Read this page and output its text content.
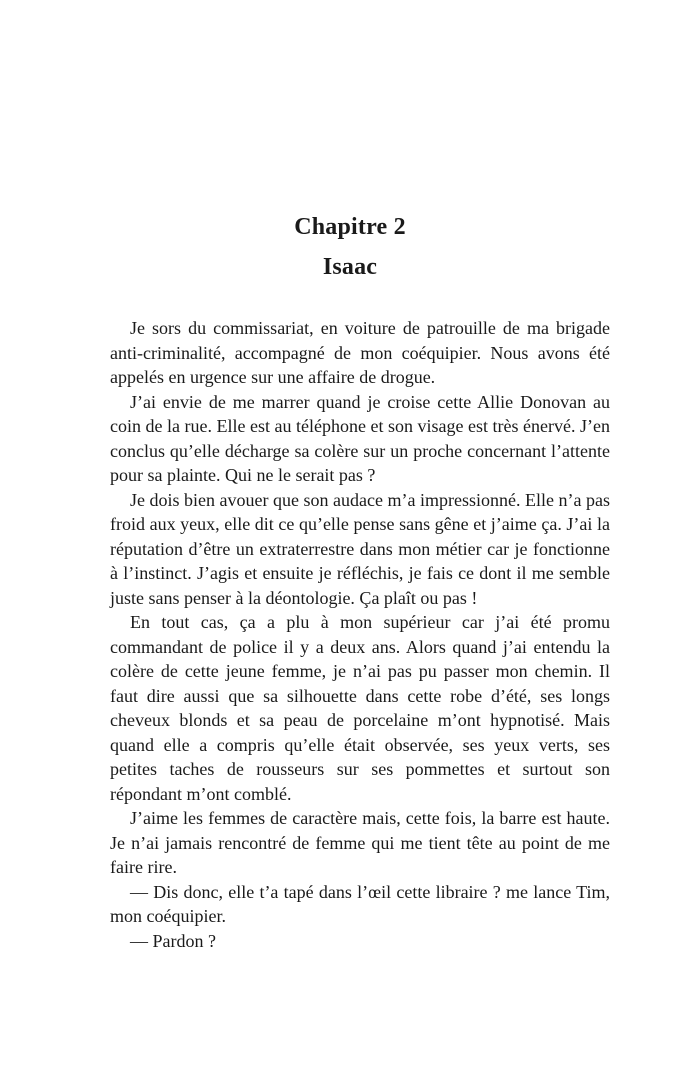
Chapitre 2
Isaac

Je sors du commissariat, en voiture de patrouille de ma brigade anti-criminalité, accompagné de mon coéquipier. Nous avons été appelés en urgence sur une affaire de drogue.

J’ai envie de me marrer quand je croise cette Allie Donovan au coin de la rue. Elle est au téléphone et son visage est très énervé. J’en conclus qu’elle décharge sa colère sur un proche concernant l’attente pour sa plainte. Qui ne le serait pas ?

Je dois bien avouer que son audace m’a impressionné. Elle n’a pas froid aux yeux, elle dit ce qu’elle pense sans gêne et j’aime ça. J’ai la réputation d’être un extraterrestre dans mon métier car je fonctionne à l’instinct. J’agis et ensuite je réfléchis, je fais ce dont il me semble juste sans penser à la déontologie. Ça plaît ou pas !

En tout cas, ça a plu à mon supérieur car j’ai été promu commandant de police il y a deux ans. Alors quand j’ai entendu la colère de cette jeune femme, je n’ai pas pu passer mon chemin. Il faut dire aussi que sa silhouette dans cette robe d’été, ses longs cheveux blonds et sa peau de porcelaine m’ont hypnotisé. Mais quand elle a compris qu’elle était observée, ses yeux verts, ses petites taches de rousseurs sur ses pommettes et surtout son répondant m’ont comblé.

J’aime les femmes de caractère mais, cette fois, la barre est haute. Je n’ai jamais rencontré de femme qui me tient tête au point de me faire rire.

— Dis donc, elle t’a tapé dans l’œil cette libraire ? me lance Tim, mon coéquipier.

— Pardon ?
